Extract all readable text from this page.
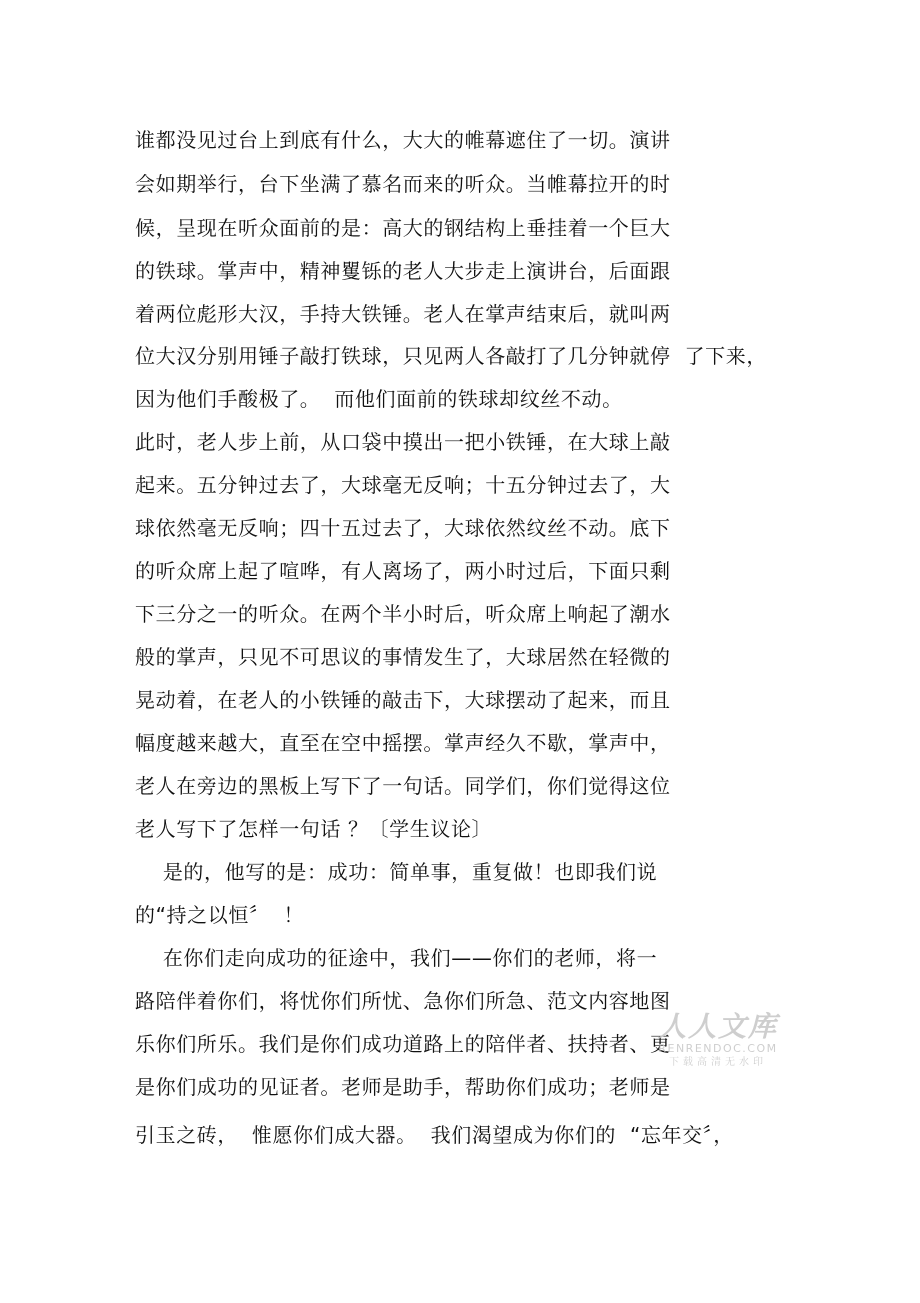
谁都没见过台上到底有什么，大大的帷幕遮住了一切。演讲
会如期举行，台下坐满了慕名而来的听众。当帷幕拉开的时
候，呈现在听众面前的是：高大的钢结构上垂挂着一个巨大
的铁球。掌声中，精神矍铄的老人大步走上演讲台，后面跟
着两位彪形大汉，手持大铁锤。老人在掌声结束后，就叫两
位大汉分别用锤子敲打铁球，只见两人各敲打了几分钟就停  了下来，
因为他们手酸极了。  而他们面前的铁球却纹丝不动。
此时，老人步上前，从口袋中摸出一把小铁锤，在大球上敲
起来。五分钟过去了，大球毫无反响；十五分钟过去了，大
球依然毫无反响；四十五过去了，大球依然纹丝不动。底下
的听众席上起了喧哗，有人离场了，两小时过后，下面只剩
下三分之一的听众。在两个半小时后，听众席上响起了潮水
般的掌声，只见不可思议的事情发生了，大球居然在轻微的
晃动着，在老人的小铁锤的敲击下，大球摆动了起来，而且
幅度越来越大，直至在空中摇摆。掌声经久不歇，掌声中，
老人在旁边的黑板上写下了一句话。同学们，你们觉得这位
老人写下了怎样一句话 ？〔学生议论〕
是的，他写的是：成功：简单事，重复做！也即我们说
的“持之以恒〞  ！
在你们走向成功的征途中，我们——你们的老师，将一
路陪伴着你们，将忧你们所忧、急你们所急、范文内容地图
乐你们所乐。我们是你们成功道路上的陪伴者、扶持者、更
是你们成功的见证者。老师是助手，帮助你们成功；老师是
引玉之砖，  惟愿你们成大器。  我们渴望成为你们的  “忘年交〞，
人人文库
RENRENDOC.COM
下载高清无水印
